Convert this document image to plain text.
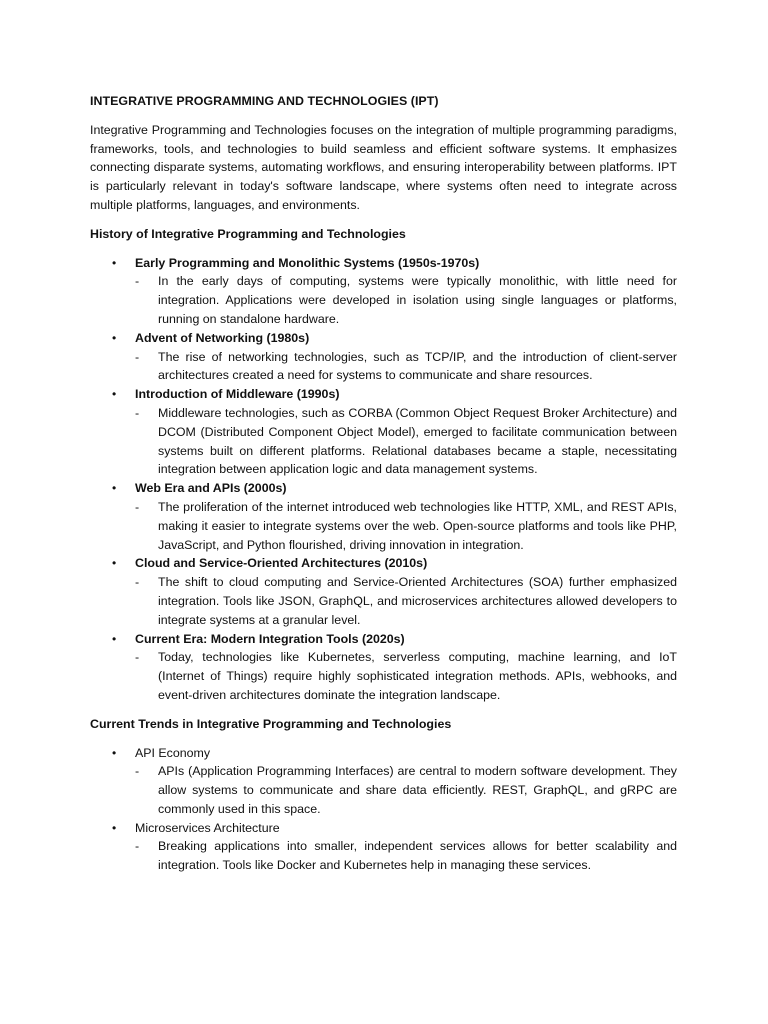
INTEGRATIVE PROGRAMMING AND TECHNOLOGIES (IPT)

Integrative Programming and Technologies focuses on the integration of multiple programming paradigms, frameworks, tools, and technologies to build seamless and efficient software systems. It emphasizes connecting disparate systems, automating workflows, and ensuring interoperability between platforms. IPT is particularly relevant in today's software landscape, where systems often need to integrate across multiple platforms, languages, and environments.

History of Integrative Programming and Technologies
•	Early Programming and Monolithic Systems (1950s-1970s)
- In the early days of computing, systems were typically monolithic, with little need for integration. Applications were developed in isolation using single languages or platforms, running on standalone hardware.
•	Advent of Networking (1980s)
- The rise of networking technologies, such as TCP/IP, and the introduction of client-server architectures created a need for systems to communicate and share resources.
•	Introduction of Middleware (1990s)
- Middleware technologies, such as CORBA (Common Object Request Broker Architecture) and DCOM (Distributed Component Object Model), emerged to facilitate communication between systems built on different platforms. Relational databases became a staple, necessitating integration between application logic and data management systems.
•	Web Era and APIs (2000s)
- The proliferation of the internet introduced web technologies like HTTP, XML, and REST APIs, making it easier to integrate systems over the web. Open-source platforms and tools like PHP, JavaScript, and Python flourished, driving innovation in integration.
•	Cloud and Service-Oriented Architectures (2010s)
- The shift to cloud computing and Service-Oriented Architectures (SOA) further emphasized integration. Tools like JSON, GraphQL, and microservices architectures allowed developers to integrate systems at a granular level.
•	Current Era: Modern Integration Tools (2020s)
- Today, technologies like Kubernetes, serverless computing, machine learning, and IoT (Internet of Things) require highly sophisticated integration methods. APIs, webhooks, and event-driven architectures dominate the integration landscape.
Current Trends in Integrative Programming and Technologies
•	API Economy
- APIs (Application Programming Interfaces) are central to modern software development. They allow systems to communicate and share data efficiently. REST, GraphQL, and gRPC are commonly used in this space.
•	Microservices Architecture
- Breaking applications into smaller, independent services allows for better scalability and integration. Tools like Docker and Kubernetes help in managing these services.
